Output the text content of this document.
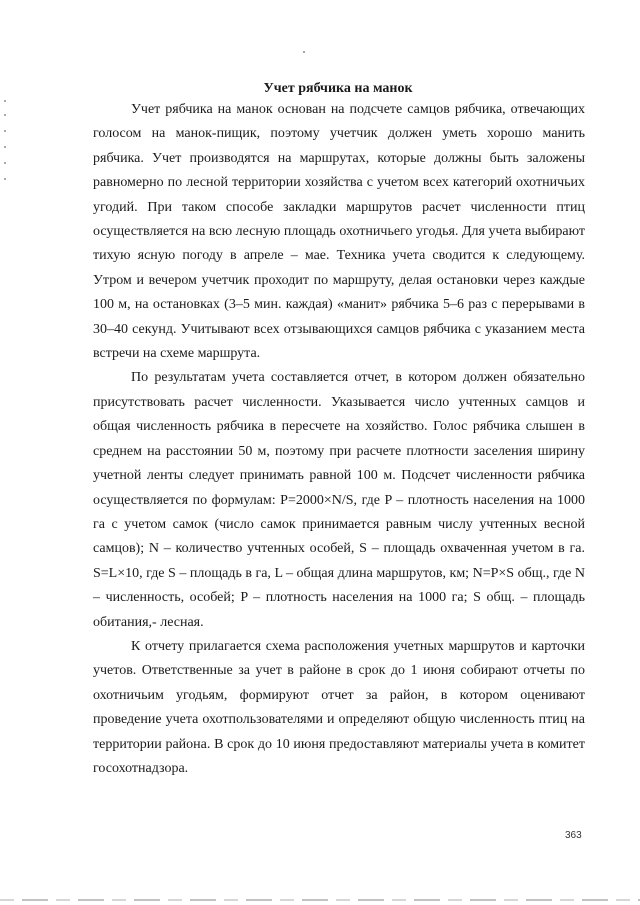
Учет рябчика на манок

Учет рябчика на манок основан на подсчете самцов рябчика, отвечающих голосом на манок-пищик, поэтому учетчик должен уметь хорошо манить рябчика. Учет производятся на маршрутах, которые должны быть заложены равномерно по лесной территории хозяйства с учетом всех категорий охотничьих угодий. При таком способе закладки маршрутов расчет численности птиц осуществляется на всю лесную площадь охотничьего угодья. Для учета выбирают тихую ясную погоду в апреле – мае. Техника учета сводится к следующему. Утром и вечером учетчик проходит по маршруту, делая остановки через каждые 100 м, на остановках (3–5 мин. каждая) «манит» рябчика 5–6 раз с перерывами в 30–40 секунд. Учитывают всех отзывающихся самцов рябчика с указанием места встречи на схеме маршрута.

По результатам учета составляется отчет, в котором должен обязательно присутствовать расчет численности. Указывается число учтенных самцов и общая численность рябчика в пересчете на хозяйство. Голос рябчика слышен в среднем на расстоянии 50 м, поэтому при расчете плотности заселения ширину учетной ленты следует принимать равной 100 м. Подсчет численности рябчика осуществляется по формулам: P=2000×N/S, где P – плотность населения на 1000 га с учетом самок (число самок принимается равным числу учтенных весной самцов); N – количество учтенных особей, S – площадь охваченная учетом в га. S=L×10, где S – площадь в га, L – общая длина маршрутов, км; N=P×S общ., где N – численность, особей; P – плотность населения на 1000 га; S общ. – площадь обитания,- лесная.

К отчету прилагается схема расположения учетных маршрутов и карточки учетов. Ответственные за учет в районе в срок до 1 июня собирают отчеты по охотничьим угодьям, формируют отчет за район, в котором оценивают проведение учета охотпользователями и определяют общую численность птиц на территории района. В срок до 10 июня предоставляют материалы учета в комитет госохотнадзора.

363
